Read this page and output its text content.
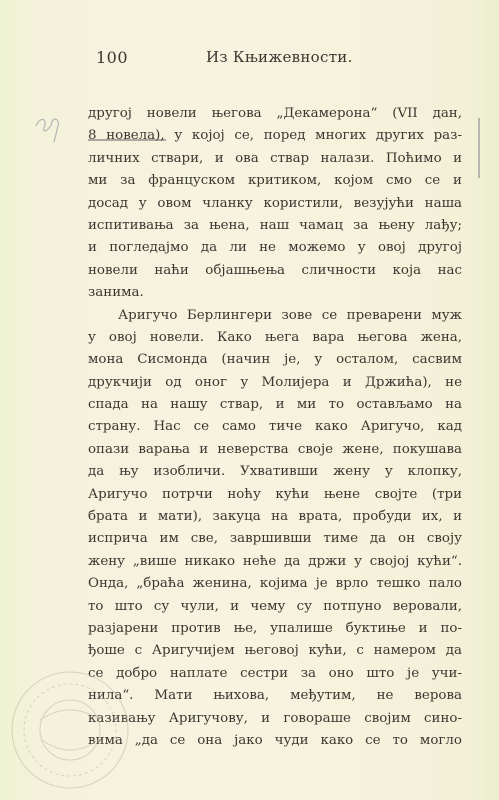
100	Из Књижевности.
другој новели његова „Декамерона“ (VII дан,
8 новела), у којој се, поред многих других раз-
личних ствари, и ова ствар налази. Поћимо и
ми за француском критиком, којом смо се и
досад у овом чланку користили, везујући наша
испитивања за њена, наш чамац за њену лађу;
и погледајмо да ли не можемо у овој другој
новели наћи објашњења сличности која нас
занима.
Аригучо Берлингери зове се преварени муж
у овој новели. Како њега вара његова жена,
мона Сисмонда (начин је, у осталом, сасвим
друкчији од оног у Молијера и Држића), не
спада на нашу ствар, и ми то остављамо на
страну. Нас се само тиче како Аригучо, кад
опази варања и неверства своје жене, покушава
да њу изобличи. Ухвативши жену у клопку,
Аригучо потрчи ноћу кући њене својте (три
брата и мати), закуца на врата, пробуди их, и
исприча им све, завршивши тиме да он своју
жену „више никако неће да држи у својој кући“.
Онда, „браћа женина, којима је врло тешко пало
то што су чули, и чему су потпуно веровали,
разјарени против ње, упалише буктиње и по-
ђоше с Аригучијем његовој кући, с намером да
се добро наплате сестри за оно што је учи-
нила“. Мати њихова, међутим, не верова
казивању Аригучову, и говораше својим сино-
вима „да се она јако чуди како се то могло
